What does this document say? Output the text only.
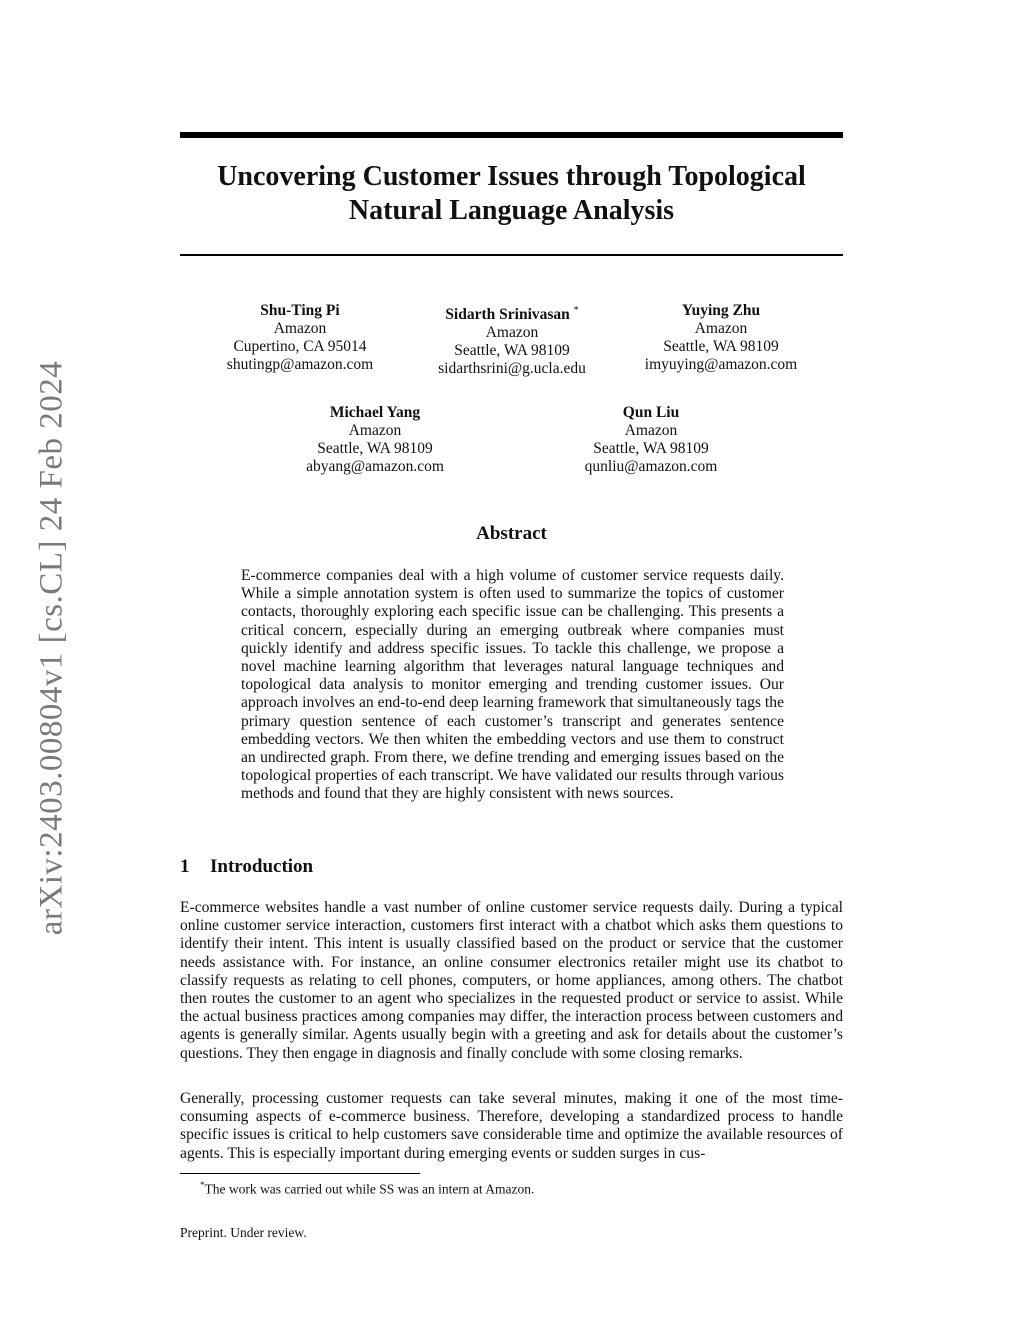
arXiv:2403.00804v1 [cs.CL] 24 Feb 2024
Uncovering Customer Issues through Topological Natural Language Analysis
Shu-Ting Pi
Amazon
Cupertino, CA 95014
shutingp@amazon.com
Sidarth Srinivasan *
Amazon
Seattle, WA 98109
sidarthsrini@g.ucla.edu
Yuying Zhu
Amazon
Seattle, WA 98109
imyuying@amazon.com
Michael Yang
Amazon
Seattle, WA 98109
abyang@amazon.com
Qun Liu
Amazon
Seattle, WA 98109
qunliu@amazon.com
Abstract

E-commerce companies deal with a high volume of customer service requests daily. While a simple annotation system is often used to summarize the topics of customer contacts, thoroughly exploring each specific issue can be challenging. This presents a critical concern, especially during an emerging outbreak where companies must quickly identify and address specific issues. To tackle this challenge, we propose a novel machine learning algorithm that leverages natural language techniques and topological data analysis to monitor emerging and trending customer issues. Our approach involves an end-to-end deep learning framework that simultaneously tags the primary question sentence of each customer’s transcript and generates sentence embedding vectors. We then whiten the embedding vectors and use them to construct an undirected graph. From there, we define trending and emerging issues based on the topological properties of each transcript. We have validated our results through various methods and found that they are highly consistent with news sources.

1 Introduction

E-commerce websites handle a vast number of online customer service requests daily. During a typical online customer service interaction, customers first interact with a chatbot which asks them questions to identify their intent. This intent is usually classified based on the product or service that the customer needs assistance with. For instance, an online consumer electronics retailer might use its chatbot to classify requests as relating to cell phones, computers, or home appliances, among others. The chatbot then routes the customer to an agent who specializes in the requested product or service to assist. While the actual business practices among companies may differ, the interaction process between customers and agents is generally similar. Agents usually begin with a greeting and ask for details about the customer’s questions. They then engage in diagnosis and finally conclude with some closing remarks.

Generally, processing customer requests can take several minutes, making it one of the most timeconsuming aspects of e-commerce business. Therefore, developing a standardized process to handle specific issues is critical to help customers save considerable time and optimize the available resources of agents. This is especially important during emerging events or sudden surges in cus-

*The work was carried out while SS was an intern at Amazon.

Preprint. Under review.
